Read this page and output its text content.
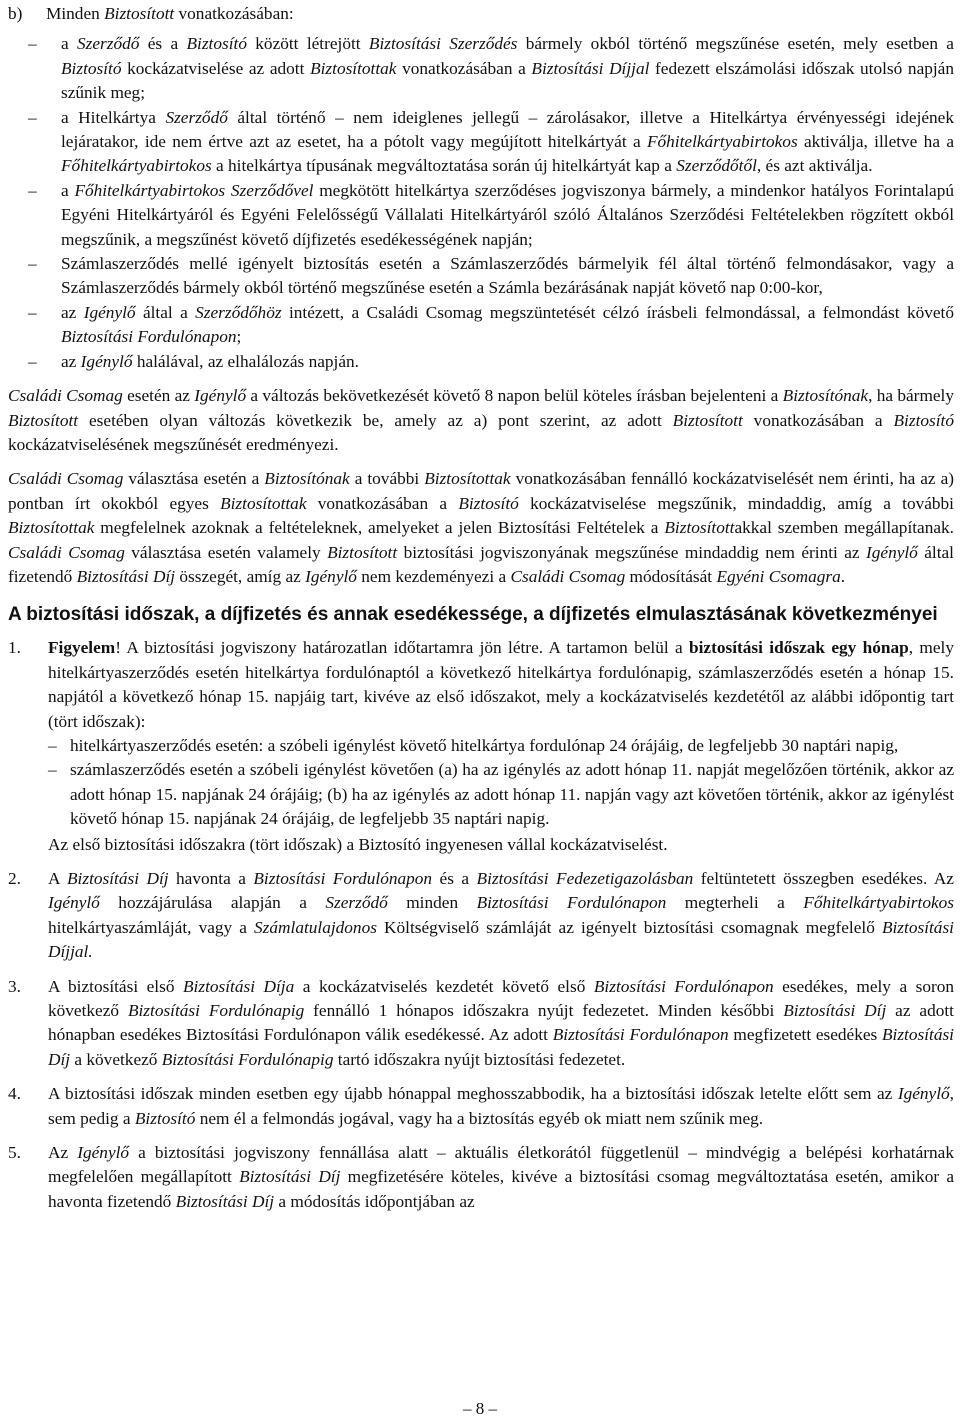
b)	Minden Biztosított vonatkozásában:

–	a Szerződő és a Biztosító között létrejött Biztosítási Szerződés bármely okból történő megszűnése esetén, mely esetben a Biztosító kockázatviselése az adott Biztosítottak vonatkozásában a Biztosítási Díjjal fedezett elszámolási időszak utolsó napján szűnik meg;
–	a Hitelkártya Szerződő által történő – nem ideiglenes jellegű – zárolásakor, illetve a Hitelkártya érvényességi idejének lejáratakor, ide nem értve azt az esetet, ha a pótolt vagy megújított hitelkártyát a Főhitelkártyabirtokos aktiválja, illetve ha a Főhitelkártyabirtokos a hitelkártya típusának megváltoztatása során új hitelkártyát kap a Szerződőtől, és azt aktiválja.
–	a Főhitelkártyabirtokos Szerződővel megkötött hitelkártya szerződéses jogviszonya bármely, a mindenkor hatályos Forintalapú Egyéni Hitelkártyáról és Egyéni Felelősségű Vállalati Hitelkártyáról szóló Általános Szerződési Feltételekben rögzített okból megszűnik, a megszűnést követő díjfizetés esedékességének napján;
–	Számlaszerződés mellé igényelt biztosítás esetén a Számlaszerződés bármelyik fél által történő felmondásakor, vagy a Számlaszerződés bármely okból történő megszűnése esetén a Számla bezárásának napját követő nap 0:00-kor,
–	az Igénylő által a Szerződőhöz intézett, a Családi Csomag megszüntetését célzó írásbeli felmondással, a felmondást követő Biztosítási Fordulónapon;
–	az Igénylő halálával, az elhalálozás napján.

Családi Csomag esetén az Igénylő a változás bekövetkezését követő 8 napon belül köteles írásban bejelenteni a Biztosítónak, ha bármely Biztosított esetében olyan változás következik be, amely az a) pont szerint, az adott Biztosított vonatkozásában a Biztosító kockázatviselésének megszűnését eredményezi.

Családi Csomag választása esetén a Biztosítónak a további Biztosítottak vonatkozásában fennálló kockázatviselését nem érinti, ha az a) pontban írt okokból egyes Biztosítottak vonatkozásában a Biztosító kockázatviselése megszűnik, mindaddig, amíg a további Biztosítottak megfelelnek azoknak a feltételeknek, amelyeket a jelen Biztosítási Feltételek a Biztosítottakkal szemben megállapítanak. Családi Csomag választása esetén valamely Biztosított biztosítási jogviszonyának megszűnése mindaddig nem érinti az Igénylő által fizetendő Biztosítási Díj összegét, amíg az Igénylő nem kezdeményezi a Családi Csomag módosítását Egyéni Csomagra.

A biztosítási időszak, a díjfizetés és annak esedékessége, a díjfizetés elmulasztásának következményei
1.	Figyelem! A biztosítási jogviszony határozatlan időtartamra jön létre. A tartamon belül a biztosítási időszak egy hónap, mely hitelkártyaszerződés esetén hitelkártya fordulónaptól a következő hitelkártya fordulónapig, számlaszerződés esetén a hónap 15. napjától a következő hónap 15. napjáig tart, kivéve az első időszakot, mely a kockázatviselés kezdetétől az alábbi időpontig tart (tört időszak):

– hitelkártyaszerződés esetén: a szóbeli igénylést követő hitelkártya fordulónap 24 órájáig, de legfeljebb 30 naptári napig,
– számlaszerződés esetén a szóbeli igénylést követően (a) ha az igénylés az adott hónap 11. napját megelőzően történik, akkor az adott hónap 15. napjának 24 órájáig; (b) ha az igénylés az adott hónap 11. napján vagy azt követően történik, akkor az igénylést követő hónap 15. napjának 24 órájáig, de legfeljebb 35 naptári napig.

Az első biztosítási időszakra (tört időszak) a Biztosító ingyenesen vállal kockázatviselést.

2.	A Biztosítási Díj havonta a Biztosítási Fordulónapon és a Biztosítási Fedezetigazolásban feltüntetett összegben esedékes. Az Igénylő hozzájárulása alapján a Szerződő minden Biztosítási Fordulónapon megterheli a Főhitelkártyabirtokos hitelkártyaszámláját, vagy a Számlatulajdonos Költségviselő számláját az igényelt biztosítási csomagnak megfelelő Biztosítási Díjjal.

3.	A biztosítási első Biztosítási Díja a kockázatviselés kezdetét követő első Biztosítási Fordulónapon esedékes, mely a soron következő Biztosítási Fordulónapig fennálló 1 hónapos időszakra nyújt fedezetet. Minden későbbi Biztosítási Díj az adott hónapban esedékes Biztosítási Fordulónapon válik esedékessé. Az adott Biztosítási Fordulónapon megfizetett esedékes Biztosítási Díj a következő Biztosítási Fordulónapig tartó időszakra nyújt biztosítási fedezetet.

4.	A biztosítási időszak minden esetben egy újabb hónappal meghosszabbodik, ha a biztosítási időszak letelte előtt sem az Igénylő, sem pedig a Biztosító nem él a felmondás jogával, vagy ha a biztosítás egyéb ok miatt nem szűnik meg.

5.	Az Igénylő a biztosítási jogviszony fennállása alatt – aktuális életkorától függetlenül – mindvégig a belépési korhatárnak megfelelően megállapított Biztosítási Díj megfizetésére köteles, kivéve a biztosítási csomag megváltoztatása esetén, amikor a havonta fizetendő Biztosítási Díj a módosítás időpontjában az

– 8 –
